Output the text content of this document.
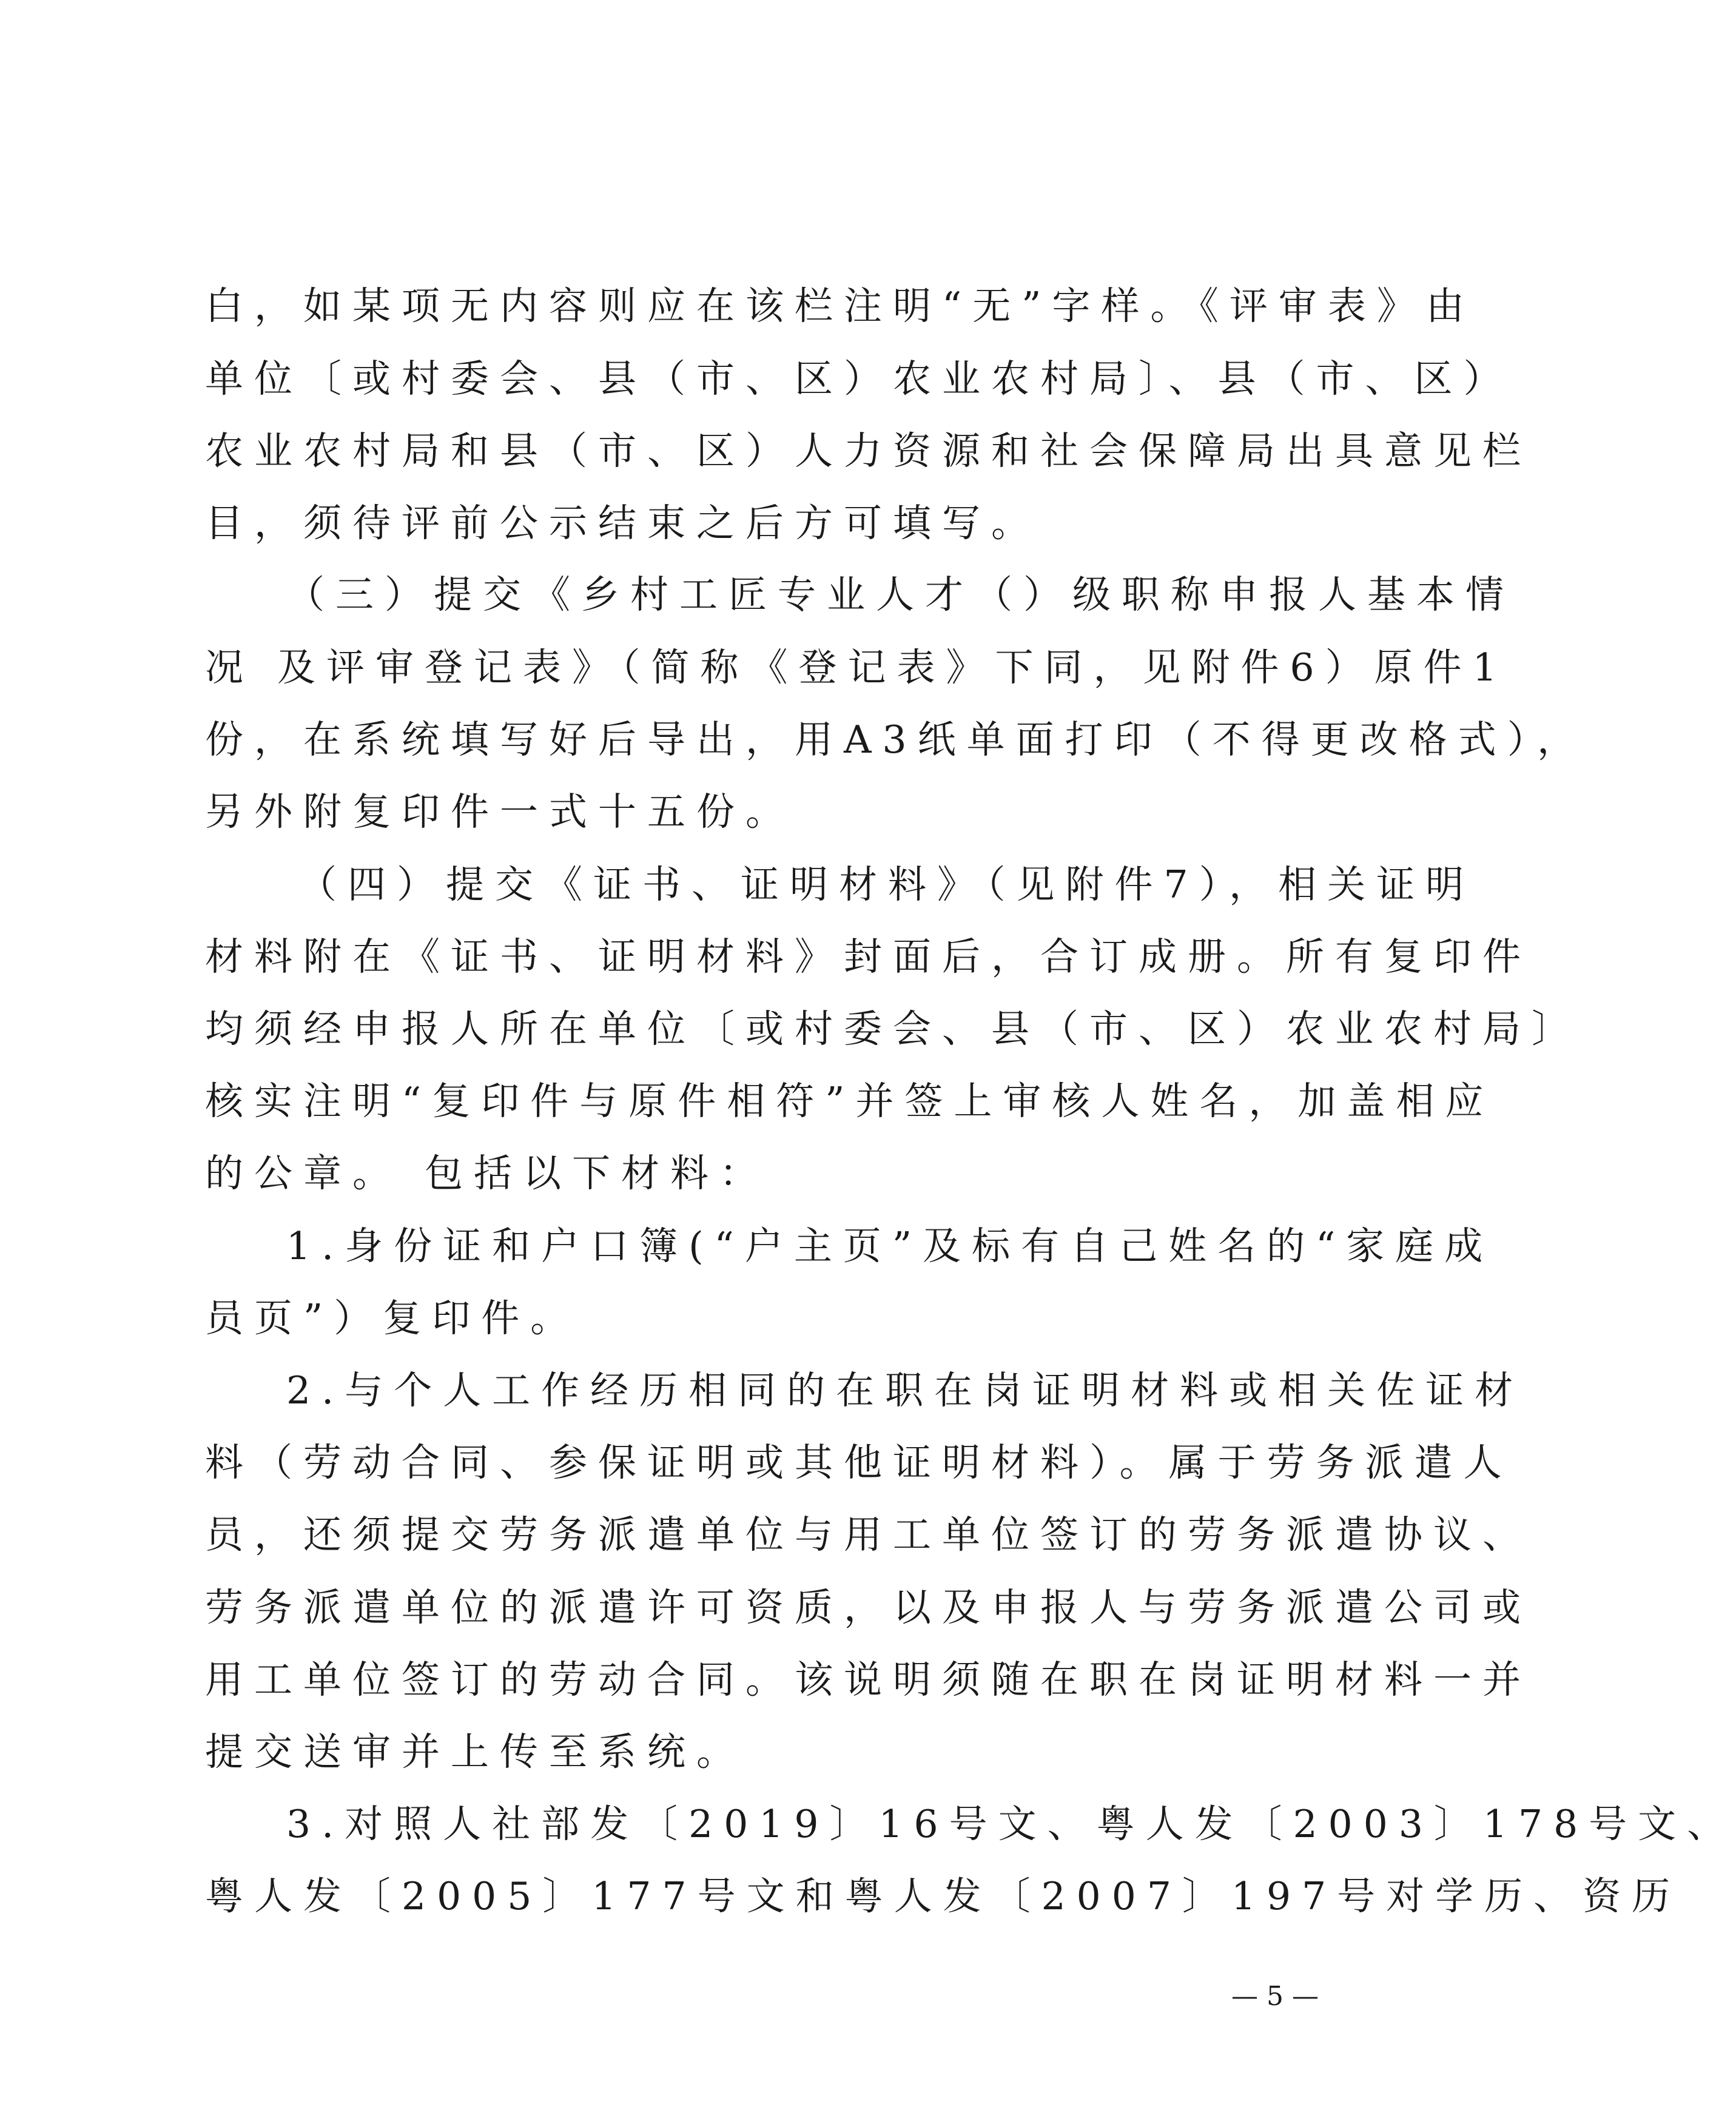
白，如某项无内容则应在该栏注明“无”字样。《评审表》由
单位〔或村委会、县（市、区）农业农村局〕、县（市、区）
农业农村局和县（市、区）人力资源和社会保障局出具意见栏
目，须待评前公示结束之后方可填写。
（三）提交《乡村工匠专业人才（）级职称申报人基本情
况 及评审登记表》（简称《登记表》下同，见附件6）原件1
份，在系统填写好后导出，用A3纸单面打印（不得更改格式），
另外附复印件一式十五份。
（四）提交《证书、证明材料》（见附件7），相关证明
材料附在《证书、证明材料》封面后，合订成册。所有复印件
均须经申报人所在单位〔或村委会、县（市、区）农业农村局〕
核实注明“复印件与原件相符”并签上审核人姓名，加盖相应
的公章。 包括以下材料：
1.身份证和户口簿(“户主页”及标有自己姓名的“家庭成
员页”）复印件。
2.与个人工作经历相同的在职在岗证明材料或相关佐证材
料（劳动合同、参保证明或其他证明材料）。属于劳务派遣人
员，还须提交劳务派遣单位与用工单位签订的劳务派遣协议、
劳务派遣单位的派遣许可资质，以及申报人与劳务派遣公司或
用工单位签订的劳动合同。该说明须随在职在岗证明材料一并
提交送审并上传至系统。
3.对照人社部发〔2019〕16号文、粤人发〔2003〕178号文、
粤人发〔2005〕177号文和粤人发〔2007〕197号对学历、资历
— 5 —
